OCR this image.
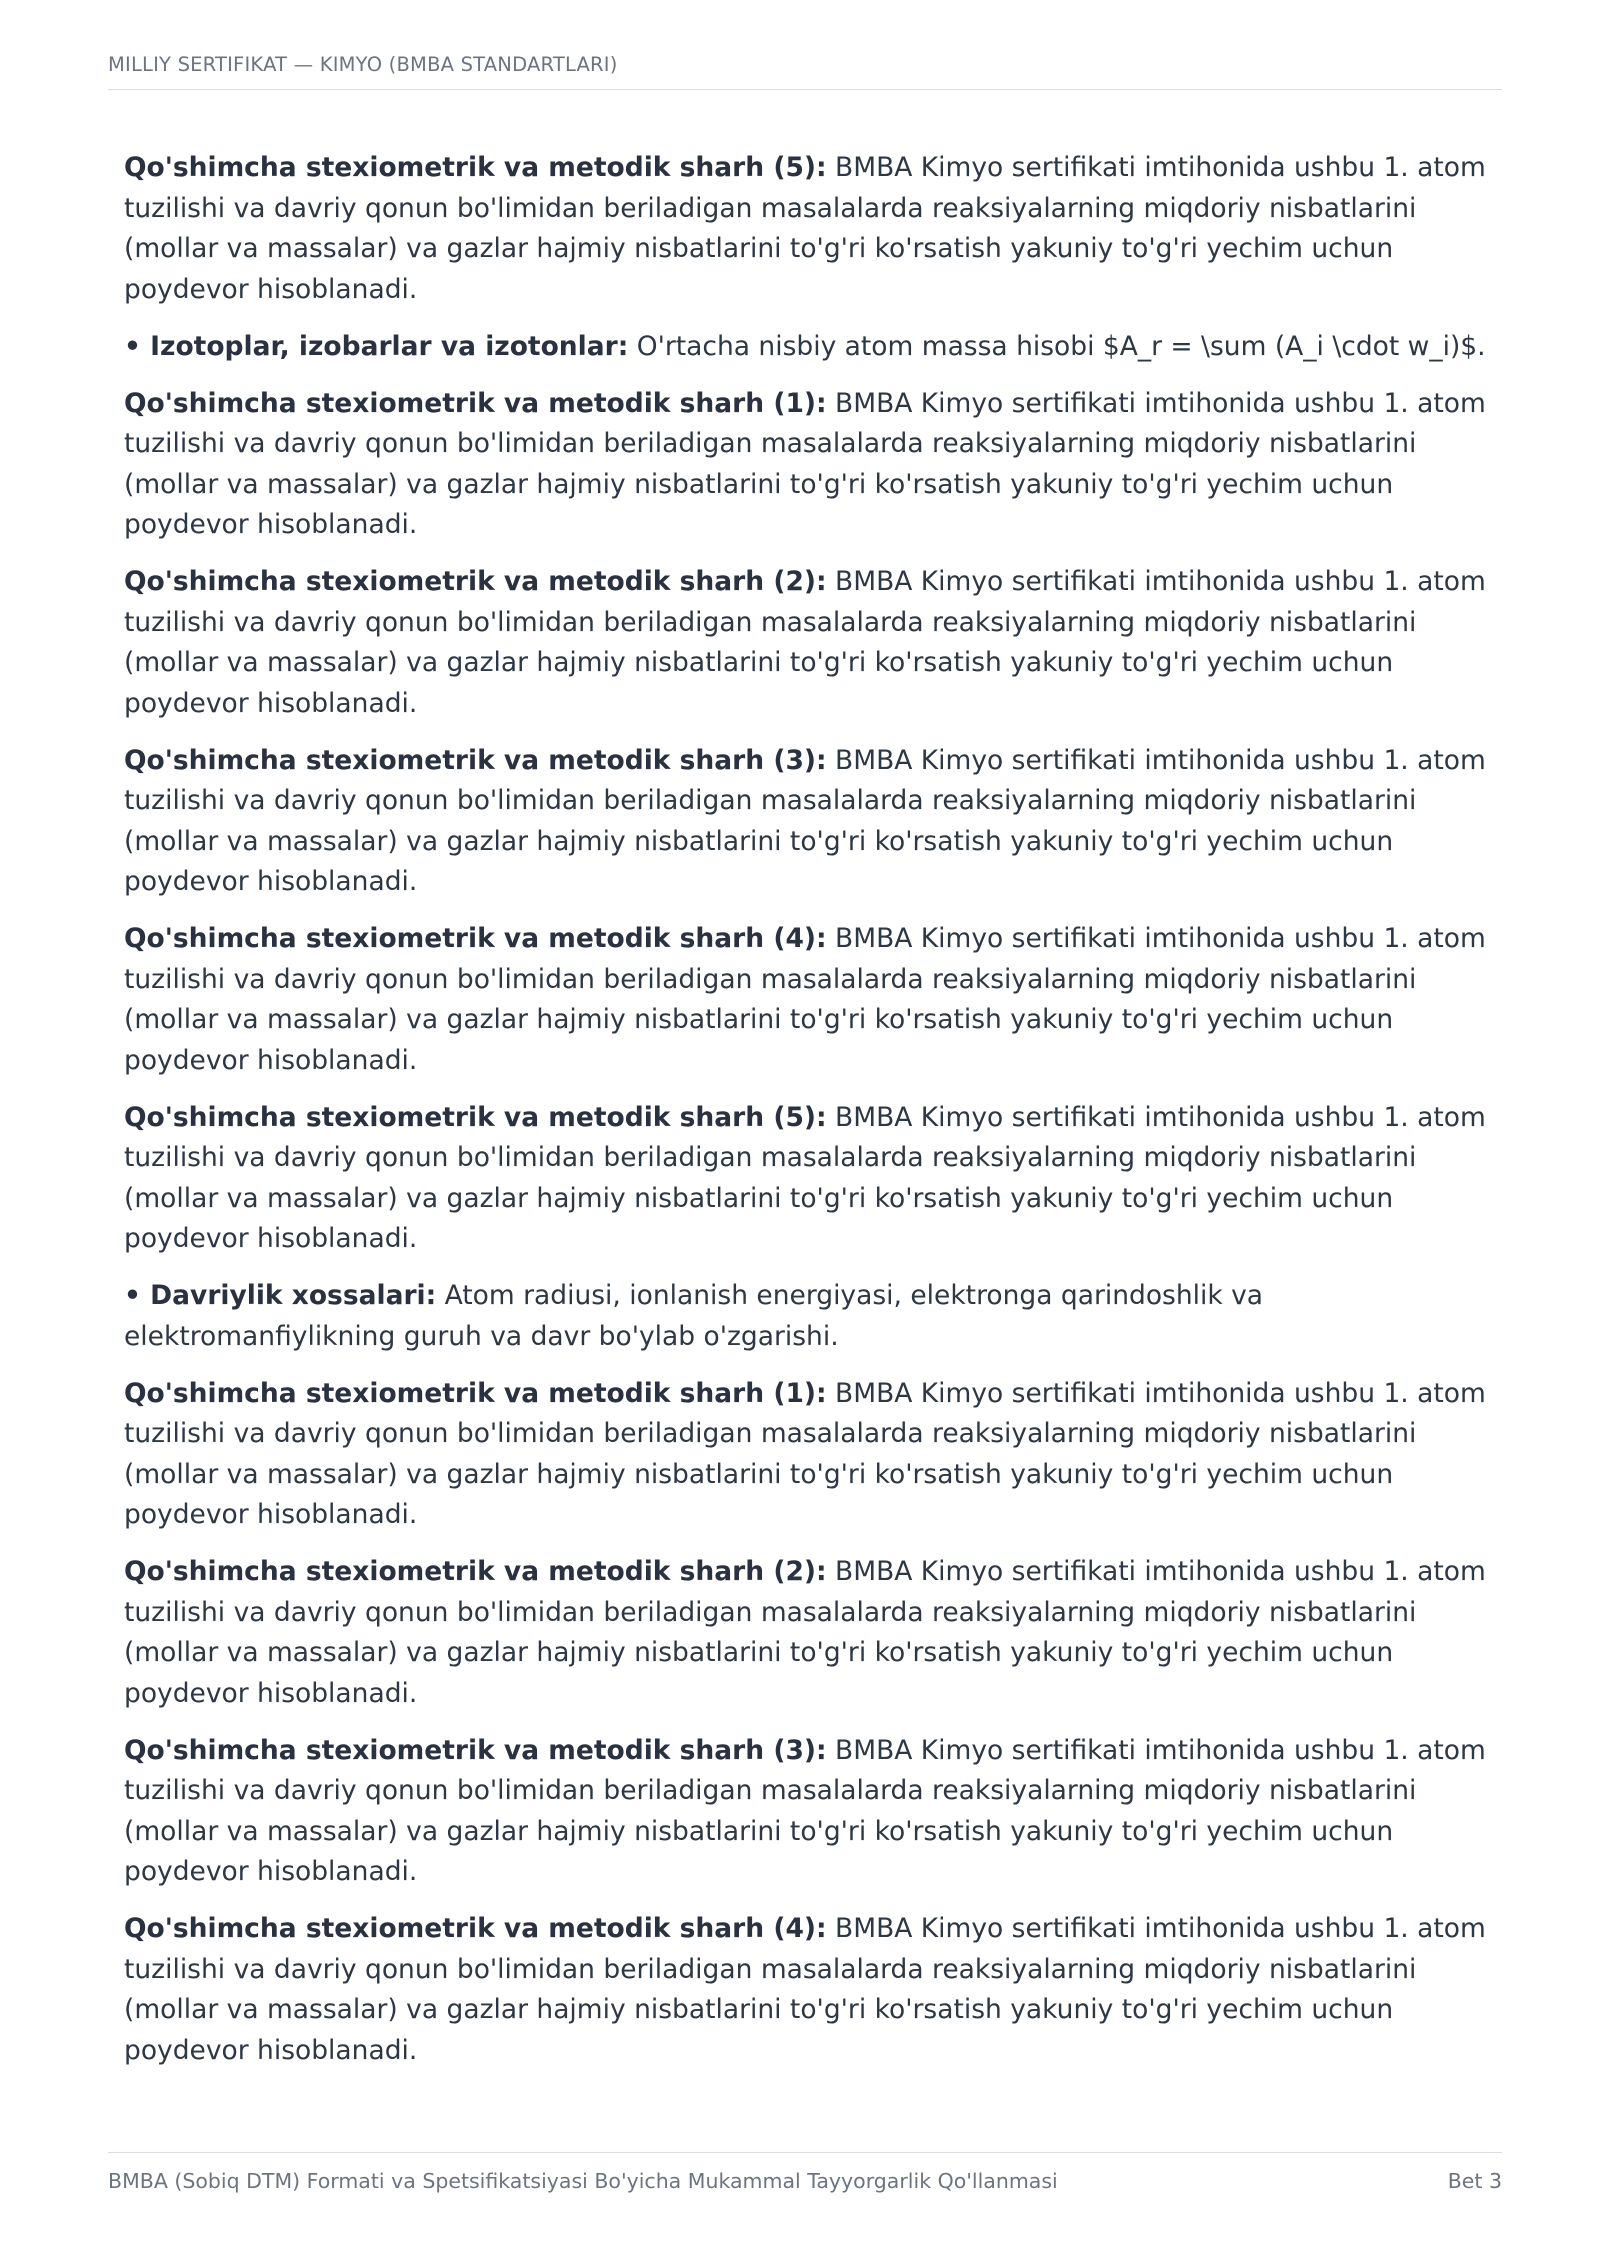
MILLIY SERTIFIKAT — KIMYO (BMBA STANDARTLARI)

Qo'shimcha stexiometrik va metodik sharh (5): BMBA Kimyo sertifikati imtihonida ushbu 1. atom tuzilishi va davriy qonun bo'limidan beriladigan masalalarda reaksiyalarning miqdoriy nisbatlarini (mollar va massalar) va gazlar hajmiy nisbatlarini to'g'ri ko'rsatish yakuniy to'g'ri yechim uchun poydevor hisoblanadi.

• Izotoplar, izobarlar va izotonlar: O'rtacha nisbiy atom massa hisobi $A_r = \sum (A_i \cdot w_i)$.

Qo'shimcha stexiometrik va metodik sharh (1): BMBA Kimyo sertifikati imtihonida ushbu 1. atom tuzilishi va davriy qonun bo'limidan beriladigan masalalarda reaksiyalarning miqdoriy nisbatlarini (mollar va massalar) va gazlar hajmiy nisbatlarini to'g'ri ko'rsatish yakuniy to'g'ri yechim uchun poydevor hisoblanadi.

Qo'shimcha stexiometrik va metodik sharh (2): BMBA Kimyo sertifikati imtihonida ushbu 1. atom tuzilishi va davriy qonun bo'limidan beriladigan masalalarda reaksiyalarning miqdoriy nisbatlarini (mollar va massalar) va gazlar hajmiy nisbatlarini to'g'ri ko'rsatish yakuniy to'g'ri yechim uchun poydevor hisoblanadi.

Qo'shimcha stexiometrik va metodik sharh (3): BMBA Kimyo sertifikati imtihonida ushbu 1. atom tuzilishi va davriy qonun bo'limidan beriladigan masalalarda reaksiyalarning miqdoriy nisbatlarini (mollar va massalar) va gazlar hajmiy nisbatlarini to'g'ri ko'rsatish yakuniy to'g'ri yechim uchun poydevor hisoblanadi.

Qo'shimcha stexiometrik va metodik sharh (4): BMBA Kimyo sertifikati imtihonida ushbu 1. atom tuzilishi va davriy qonun bo'limidan beriladigan masalalarda reaksiyalarning miqdoriy nisbatlarini (mollar va massalar) va gazlar hajmiy nisbatlarini to'g'ri ko'rsatish yakuniy to'g'ri yechim uchun poydevor hisoblanadi.

Qo'shimcha stexiometrik va metodik sharh (5): BMBA Kimyo sertifikati imtihonida ushbu 1. atom tuzilishi va davriy qonun bo'limidan beriladigan masalalarda reaksiyalarning miqdoriy nisbatlarini (mollar va massalar) va gazlar hajmiy nisbatlarini to'g'ri ko'rsatish yakuniy to'g'ri yechim uchun poydevor hisoblanadi.

• Davriylik xossalari: Atom radiusi, ionlanish energiyasi, elektronga qarindoshlik va elektromanfiylikning guruh va davr bo'ylab o'zgarishi.

Qo'shimcha stexiometrik va metodik sharh (1): BMBA Kimyo sertifikati imtihonida ushbu 1. atom tuzilishi va davriy qonun bo'limidan beriladigan masalalarda reaksiyalarning miqdoriy nisbatlarini (mollar va massalar) va gazlar hajmiy nisbatlarini to'g'ri ko'rsatish yakuniy to'g'ri yechim uchun poydevor hisoblanadi.

Qo'shimcha stexiometrik va metodik sharh (2): BMBA Kimyo sertifikati imtihonida ushbu 1. atom tuzilishi va davriy qonun bo'limidan beriladigan masalalarda reaksiyalarning miqdoriy nisbatlarini (mollar va massalar) va gazlar hajmiy nisbatlarini to'g'ri ko'rsatish yakuniy to'g'ri yechim uchun poydevor hisoblanadi.

Qo'shimcha stexiometrik va metodik sharh (3): BMBA Kimyo sertifikati imtihonida ushbu 1. atom tuzilishi va davriy qonun bo'limidan beriladigan masalalarda reaksiyalarning miqdoriy nisbatlarini (mollar va massalar) va gazlar hajmiy nisbatlarini to'g'ri ko'rsatish yakuniy to'g'ri yechim uchun poydevor hisoblanadi.

Qo'shimcha stexiometrik va metodik sharh (4): BMBA Kimyo sertifikati imtihonida ushbu 1. atom tuzilishi va davriy qonun bo'limidan beriladigan masalalarda reaksiyalarning miqdoriy nisbatlarini (mollar va massalar) va gazlar hajmiy nisbatlarini to'g'ri ko'rsatish yakuniy to'g'ri yechim uchun poydevor hisoblanadi.

BMBA (Sobiq DTM) Formati va Spetsifikatsiyasi Bo'yicha Mukammal Tayyorgarlik Qo'llanmasi	Bet 3
